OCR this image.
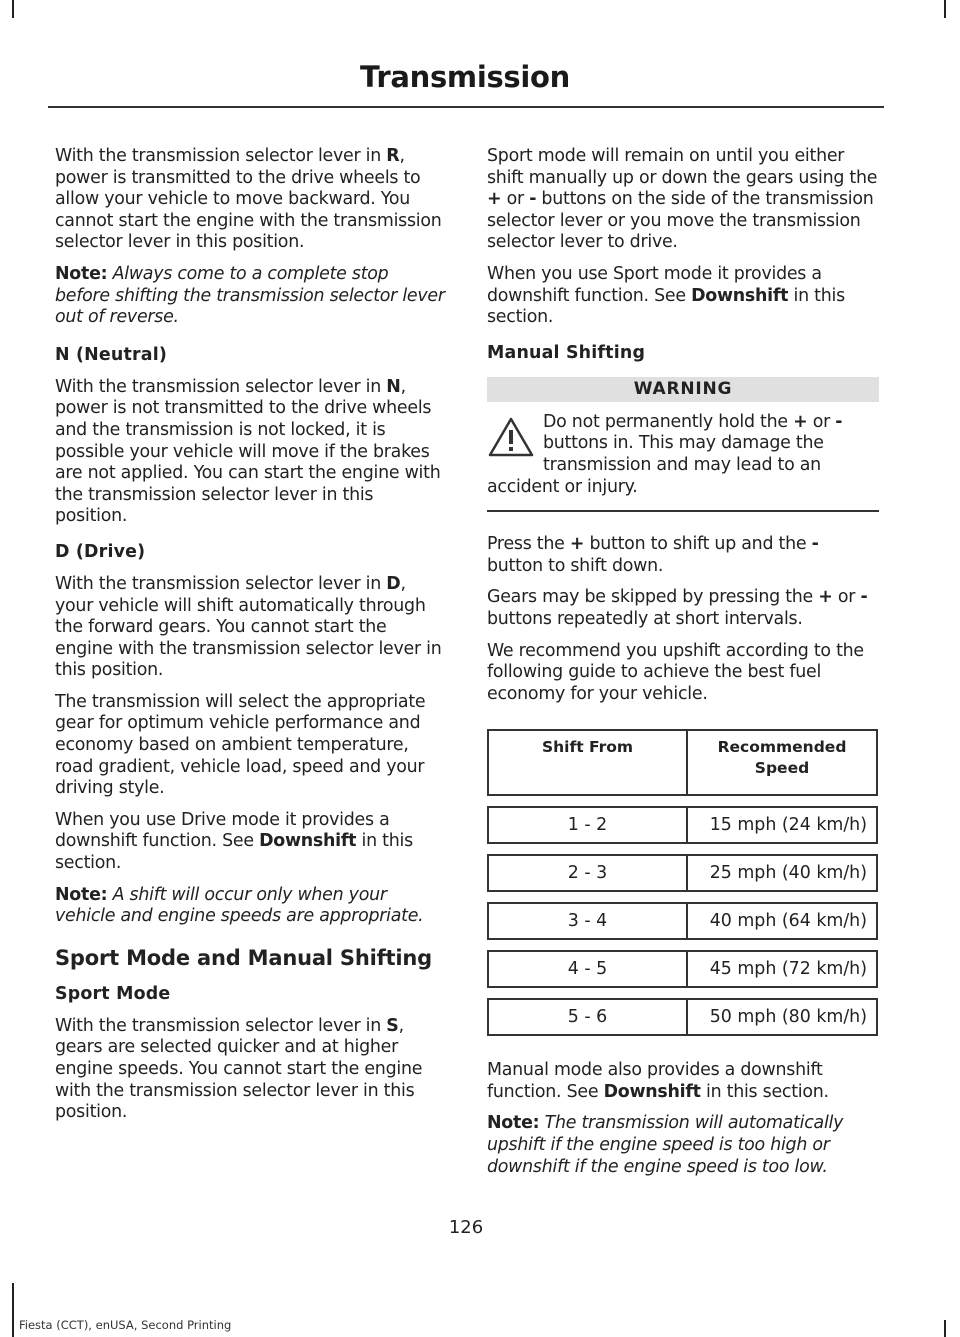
Transmission

With the transmission selector lever in R, power is transmitted to the drive wheels to allow your vehicle to move backward. You cannot start the engine with the transmission selector lever in this position.

Note: Always come to a complete stop before shifting the transmission selector lever out of reverse.

N (Neutral)

With the transmission selector lever in N, power is not transmitted to the drive wheels and the transmission is not locked, it is possible your vehicle will move if the brakes are not applied. You can start the engine with the transmission selector lever in this position.

D (Drive)

With the transmission selector lever in D, your vehicle will shift automatically through the forward gears. You cannot start the engine with the transmission selector lever in this position.

The transmission will select the appropriate gear for optimum vehicle performance and economy based on ambient temperature, road gradient, vehicle load, speed and your driving style.

When you use Drive mode it provides a downshift function. See Downshift in this section.

Note: A shift will occur only when your vehicle and engine speeds are appropriate.

Sport Mode and Manual Shifting
Sport Mode

With the transmission selector lever in S, gears are selected quicker and at higher engine speeds. You cannot start the engine with the transmission selector lever in this position.

Sport mode will remain on until you either shift manually up or down the gears using the + or - buttons on the side of the transmission selector lever or you move the transmission selector lever to drive.

When you use Sport mode it provides a downshift function. See Downshift in this section.

Manual Shifting
WARNING

Do not permanently hold the + or - buttons in. This may damage the transmission and may lead to an accident or injury.

Press the + button to shift up and the - button to shift down.

Gears may be skipped by pressing the + or - buttons repeatedly at short intervals.

We recommend you upshift according to the following guide to achieve the best fuel economy for your vehicle.

Shift From	Recommended Speed

1 - 2	15 mph (24 km/h)

2 - 3	25 mph (40 km/h)

3 - 4	40 mph (64 km/h)

4 - 5	45 mph (72 km/h)

5 - 6	50 mph (80 km/h)

Manual mode also provides a downshift function. See Downshift in this section.

Note: The transmission will automatically upshift if the engine speed is too high or downshift if the engine speed is too low.

126
Fiesta (CCT), enUSA, Second Printing
